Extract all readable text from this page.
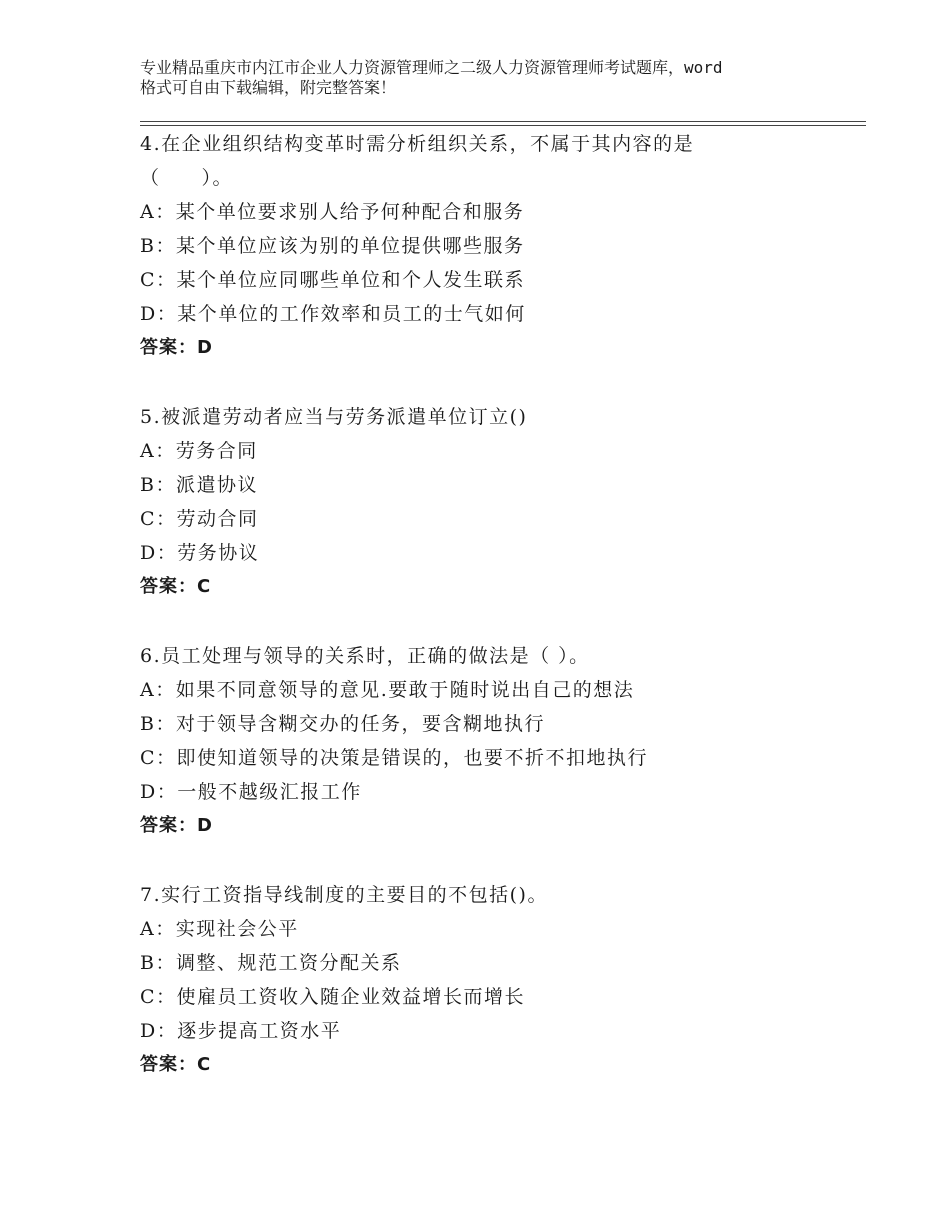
专业精品重庆市内江市企业人力资源管理师之二级人力资源管理师考试题库，word
格式可自由下载编辑，附完整答案！
4.在企业组织结构变革时需分析组织关系，不属于其内容的是
（　　）。
A：某个单位要求别人给予何种配合和服务
B：某个单位应该为别的单位提供哪些服务
C：某个单位应同哪些单位和个人发生联系
D：某个单位的工作效率和员工的士气如何
答案：D
5.被派遣劳动者应当与劳务派遣单位订立()
A：劳务合同
B：派遣协议
C：劳动合同
D：劳务协议
答案：C
6.员工处理与领导的关系时，正确的做法是（ ）。
A：如果不同意领导的意见.要敢于随时说出自己的想法
B：对于领导含糊交办的任务，要含糊地执行
C：即使知道领导的决策是错误的，也要不折不扣地执行
D：一般不越级汇报工作
答案：D
7.实行工资指导线制度的主要目的不包括()。
A：实现社会公平
B：调整、规范工资分配关系
C：使雇员工资收入随企业效益增长而增长
D：逐步提高工资水平
答案：C
